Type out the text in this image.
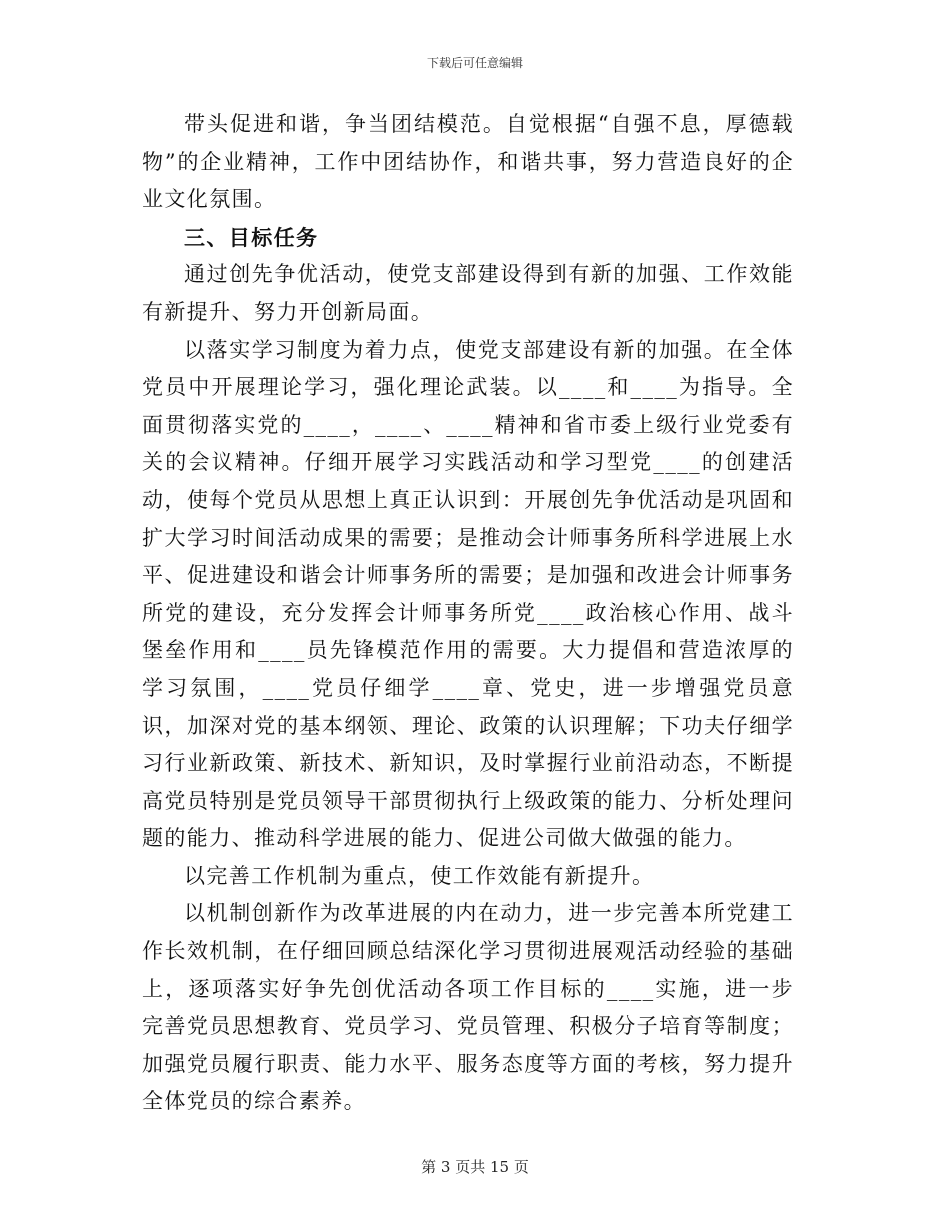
下载后可任意编辑

带头促进和谐，争当团结模范。自觉根据“自强不息，厚德载物”的企业精神，工作中团结协作，和谐共事，努力营造良好的企业文化氛围。

三、目标任务

通过创先争优活动，使党支部建设得到有新的加强、工作效能有新提升、努力开创新局面。

以落实学习制度为着力点，使党支部建设有新的加强。在全体党员中开展理论学习，强化理论武装。以____和____为指导。全面贯彻落实党的____，____、____精神和省市委上级行业党委有关的会议精神。仔细开展学习实践活动和学习型党____的创建活动，使每个党员从思想上真正认识到：开展创先争优活动是巩固和扩大学习时间活动成果的需要；是推动会计师事务所科学进展上水平、促进建设和谐会计师事务所的需要；是加强和改进会计师事务所党的建设，充分发挥会计师事务所党____政治核心作用、战斗堡垒作用和____员先锋模范作用的需要。大力提倡和营造浓厚的学习氛围，____党员仔细学____章、党史，进一步增强党员意识，加深对党的基本纲领、理论、政策的认识理解；下功夫仔细学习行业新政策、新技术、新知识，及时掌握行业前沿动态，不断提高党员特别是党员领导干部贯彻执行上级政策的能力、分析处理问题的能力、推动科学进展的能力、促进公司做大做强的能力。

以完善工作机制为重点，使工作效能有新提升。

以机制创新作为改革进展的内在动力，进一步完善本所党建工作长效机制，在仔细回顾总结深化学习贯彻进展观活动经验的基础上，逐项落实好争先创优活动各项工作目标的____实施，进一步完善党员思想教育、党员学习、党员管理、积极分子培育等制度；加强党员履行职责、能力水平、服务态度等方面的考核，努力提升全体党员的综合素养。

第 3 页共 15 页
